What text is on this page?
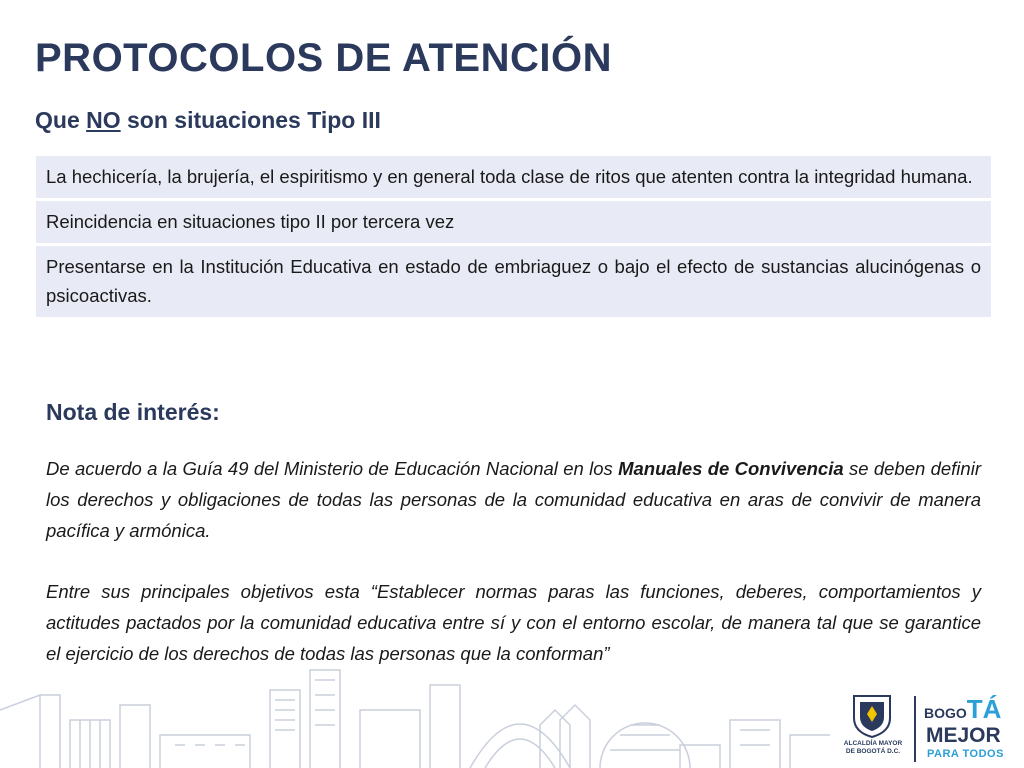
PROTOCOLOS DE ATENCIÓN
Que NO son situaciones Tipo III
La hechicería, la brujería, el espiritismo y en general toda clase de ritos que atenten contra la integridad humana.
Reincidencia en situaciones tipo II por tercera vez
Presentarse en la Institución Educativa en estado de embriaguez o bajo el efecto de sustancias alucinógenas o psicoactivas.
Nota de interés:

De acuerdo a la Guía 49 del Ministerio de Educación Nacional en los Manuales de Convivencia se deben definir los derechos y obligaciones de todas las personas de la comunidad educativa en aras de convivir de manera pacífica y armónica.

Entre sus principales objetivos esta “Establecer normas paras las funciones, deberes, comportamientos y actitudes pactados por la comunidad educativa entre sí y con el entorno escolar, de manera tal que se garantice el ejercicio de los derechos de todas las personas que la conforman”

ALCALDÍA MAYOR
DE BOGOTÁ D.C.
BOGOTÁ
MEJOR
PARA TODOS
